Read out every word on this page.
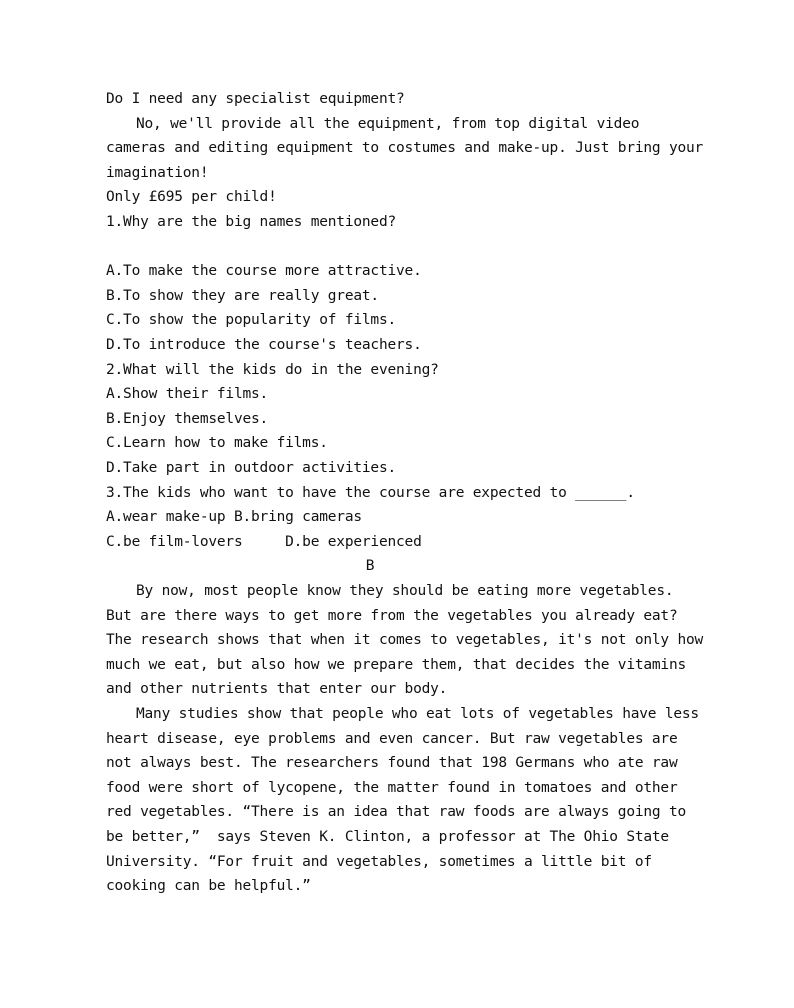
Do I need any specialist equipment?
No, we'll provide all the equipment, from top digital video
cameras and editing equipment to costumes and make-up. Just bring your
imagination!
Only £695 per child!
1.Why are the big names mentioned?
A.To make the course more attractive.
B.To show they are really great.
C.To show the popularity of films.
D.To introduce the course's teachers.
2.What will the kids do in the evening?
A.Show their films.
B.Enjoy themselves.
C.Learn how to make films.
D.Take part in outdoor activities.
3.The kids who want to have the course are expected to ______.
A.wear make-up B.bring cameras
C.be film-lovers     D.be experienced
B
By now, most people know they should be eating more vegetables.
But are there ways to get more from the vegetables you already eat?
The research shows that when it comes to vegetables, it's not only how
much we eat, but also how we prepare them, that decides the vitamins
and other nutrients that enter our body.
Many studies show that people who eat lots of vegetables have less
heart disease, eye problems and even cancer. But raw vegetables are
not always best. The researchers found that 198 Germans who ate raw
food were short of lycopene, the matter found in tomatoes and other
red vegetables. “There is an idea that raw foods are always going to
be better,”  says Steven K. Clinton, a professor at The Ohio State
University. “For fruit and vegetables, sometimes a little bit of
cooking can be helpful.”
